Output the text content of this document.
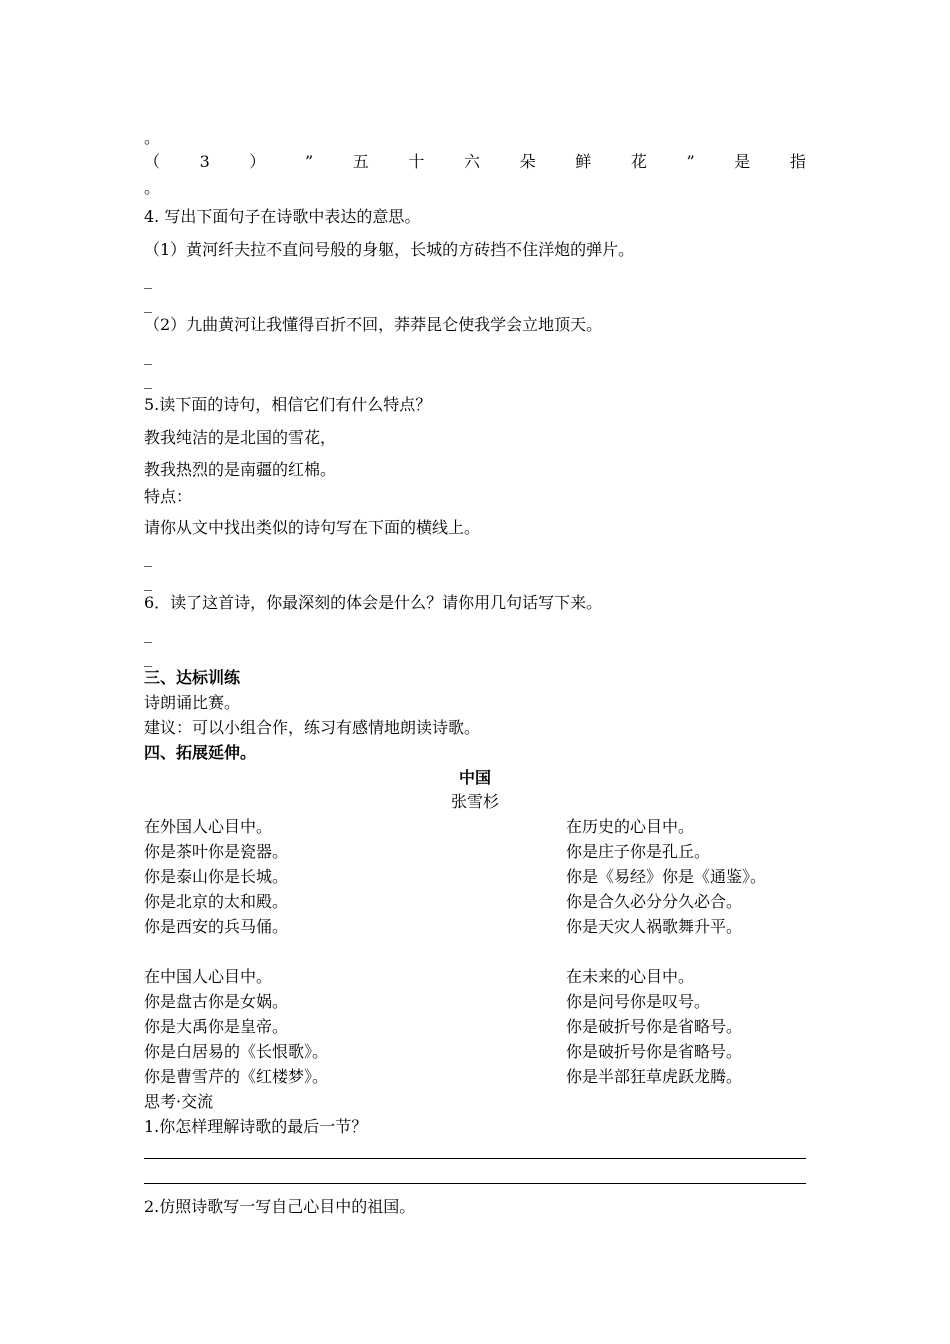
。
（ 3 ） ” 五 十 六 朵 鲜 花 ” 是 指
。
4. 写出下面句子在诗歌中表达的意思。
（1）黄河纤夫拉不直问号般的身躯，长城的方砖挡不住洋炮的弹片。
_
_
（2）九曲黄河让我懂得百折不回，莽莽昆仑使我学会立地顶天。
_
_
5.读下面的诗句，相信它们有什么特点？
教我纯洁的是北国的雪花，
教我热烈的是南疆的红棉。
特点：
请你从文中找出类似的诗句写在下面的横线上。
_
_
6．读了这首诗，你最深刻的体会是什么？请你用几句话写下来。
_
_
三、达标训练
诗朗诵比赛。
建议：可以小组合作，练习有感情地朗读诗歌。
四、拓展延伸。
中国
张雪杉
在外国人心目中。
你是茶叶你是瓷器。
你是泰山你是长城。
你是北京的太和殿。
你是西安的兵马俑。
在历史的心目中。
你是庄子你是孔丘。
你是《易经》你是《通鉴》。
你是合久必分分久必合。
你是天灾人祸歌舞升平。
在中国人心目中。
你是盘古你是女娲。
你是大禹你是皇帝。
你是白居易的《长恨歌》。
你是曹雪芹的《红楼梦》。
在未来的心目中。
你是问号你是叹号。
你是破折号你是省略号。
你是破折号你是省略号。
你是半部狂草虎跃龙腾。
思考·交流
1.你怎样理解诗歌的最后一节？
2.仿照诗歌写一写自己心目中的祖国。
